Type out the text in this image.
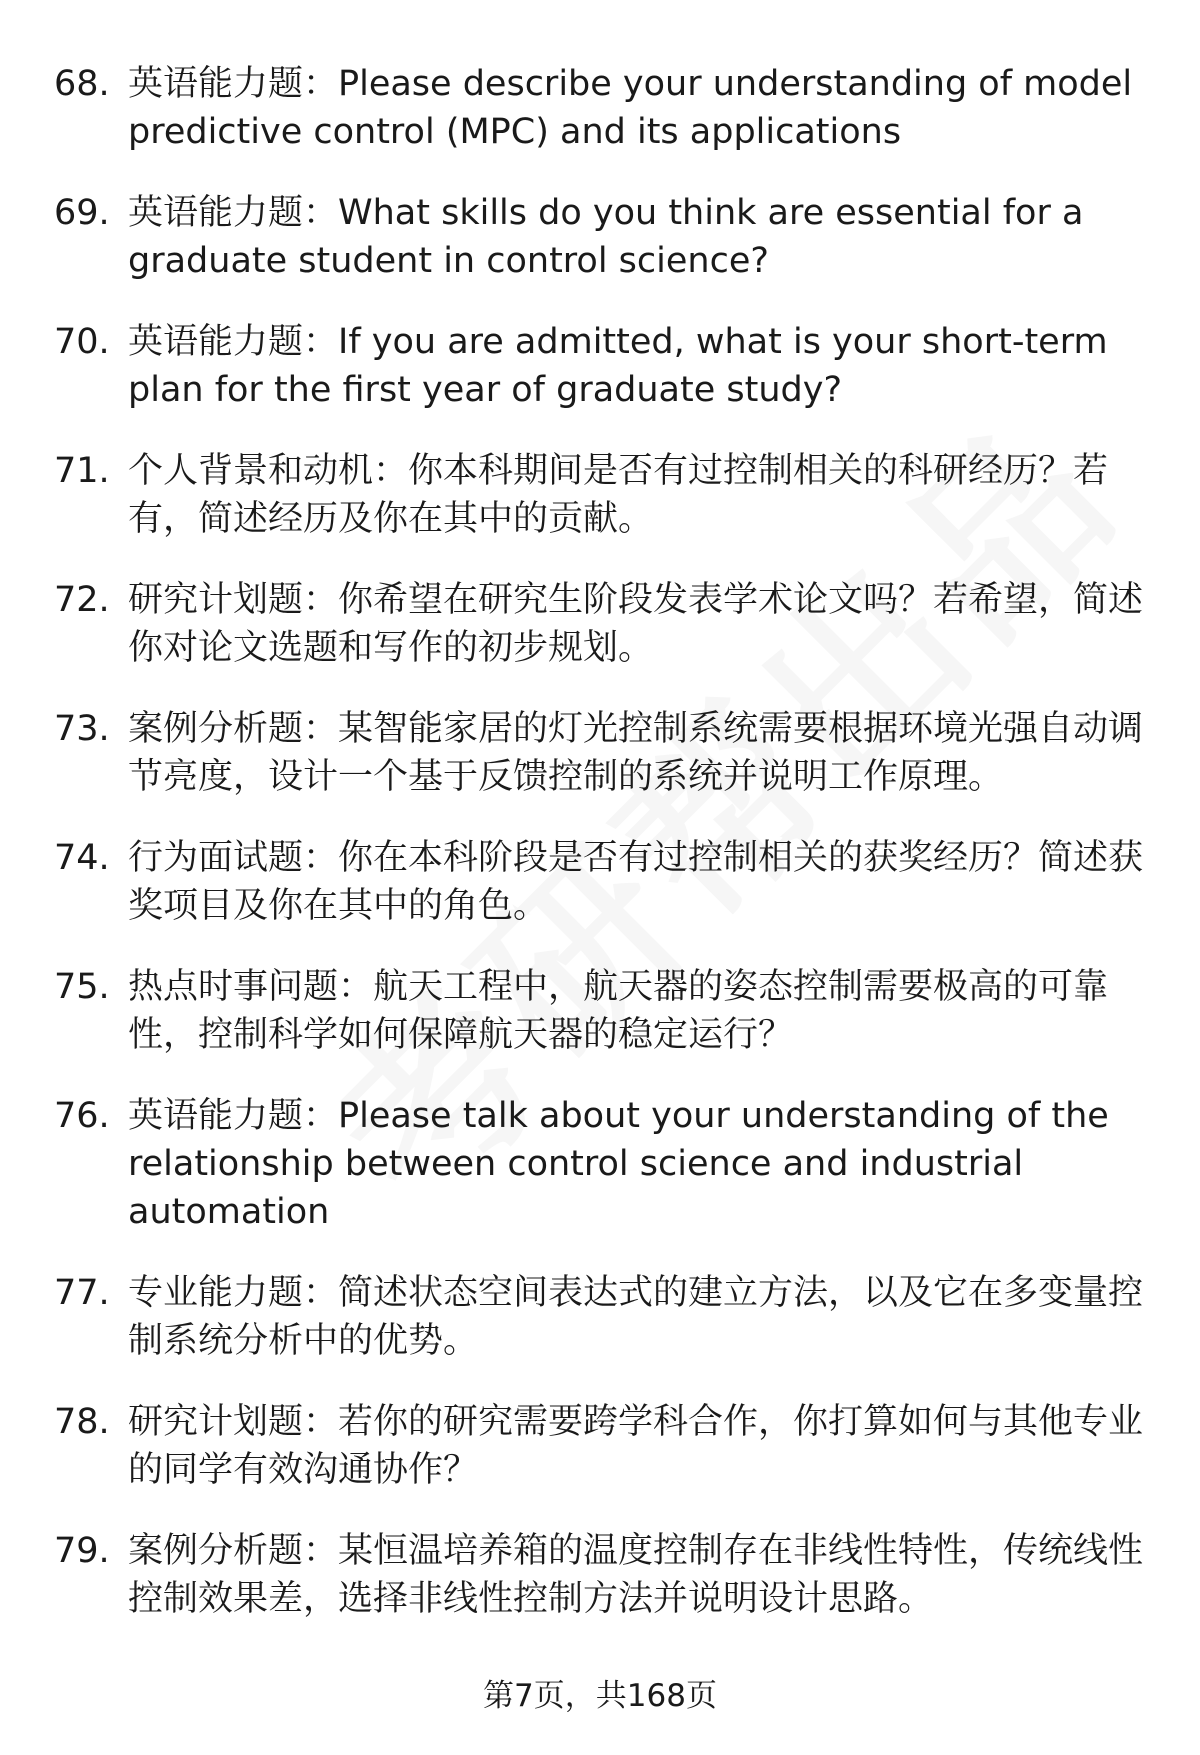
68. 英语能力题：Please describe your understanding of model predictive control (MPC) and its applications
69. 英语能力题：What skills do you think are essential for a graduate student in control science?
70. 英语能力题：If you are admitted, what is your short-term plan for the first year of graduate study?
71. 个人背景和动机：你本科期间是否有过控制相关的科研经历？若有，简述经历及你在其中的贡献。
72. 研究计划题：你希望在研究生阶段发表学术论文吗？若希望，简述你对论文选题和写作的初步规划。
73. 案例分析题：某智能家居的灯光控制系统需要根据环境光强自动调节亮度，设计一个基于反馈控制的系统并说明工作原理。
74. 行为面试题：你在本科阶段是否有过控制相关的获奖经历？简述获奖项目及你在其中的角色。
75. 热点时事问题：航天工程中，航天器的姿态控制需要极高的可靠性，控制科学如何保障航天器的稳定运行？
76. 英语能力题：Please talk about your understanding of the relationship between control science and industrial automation
77. 专业能力题：简述状态空间表达式的建立方法，以及它在多变量控制系统分析中的优势。
78. 研究计划题：若你的研究需要跨学科合作，你打算如何与其他专业的同学有效沟通协作？
79. 案例分析题：某恒温培养箱的温度控制存在非线性特性，传统线性控制效果差，选择非线性控制方法并说明设计思路。
第7页，共168页
